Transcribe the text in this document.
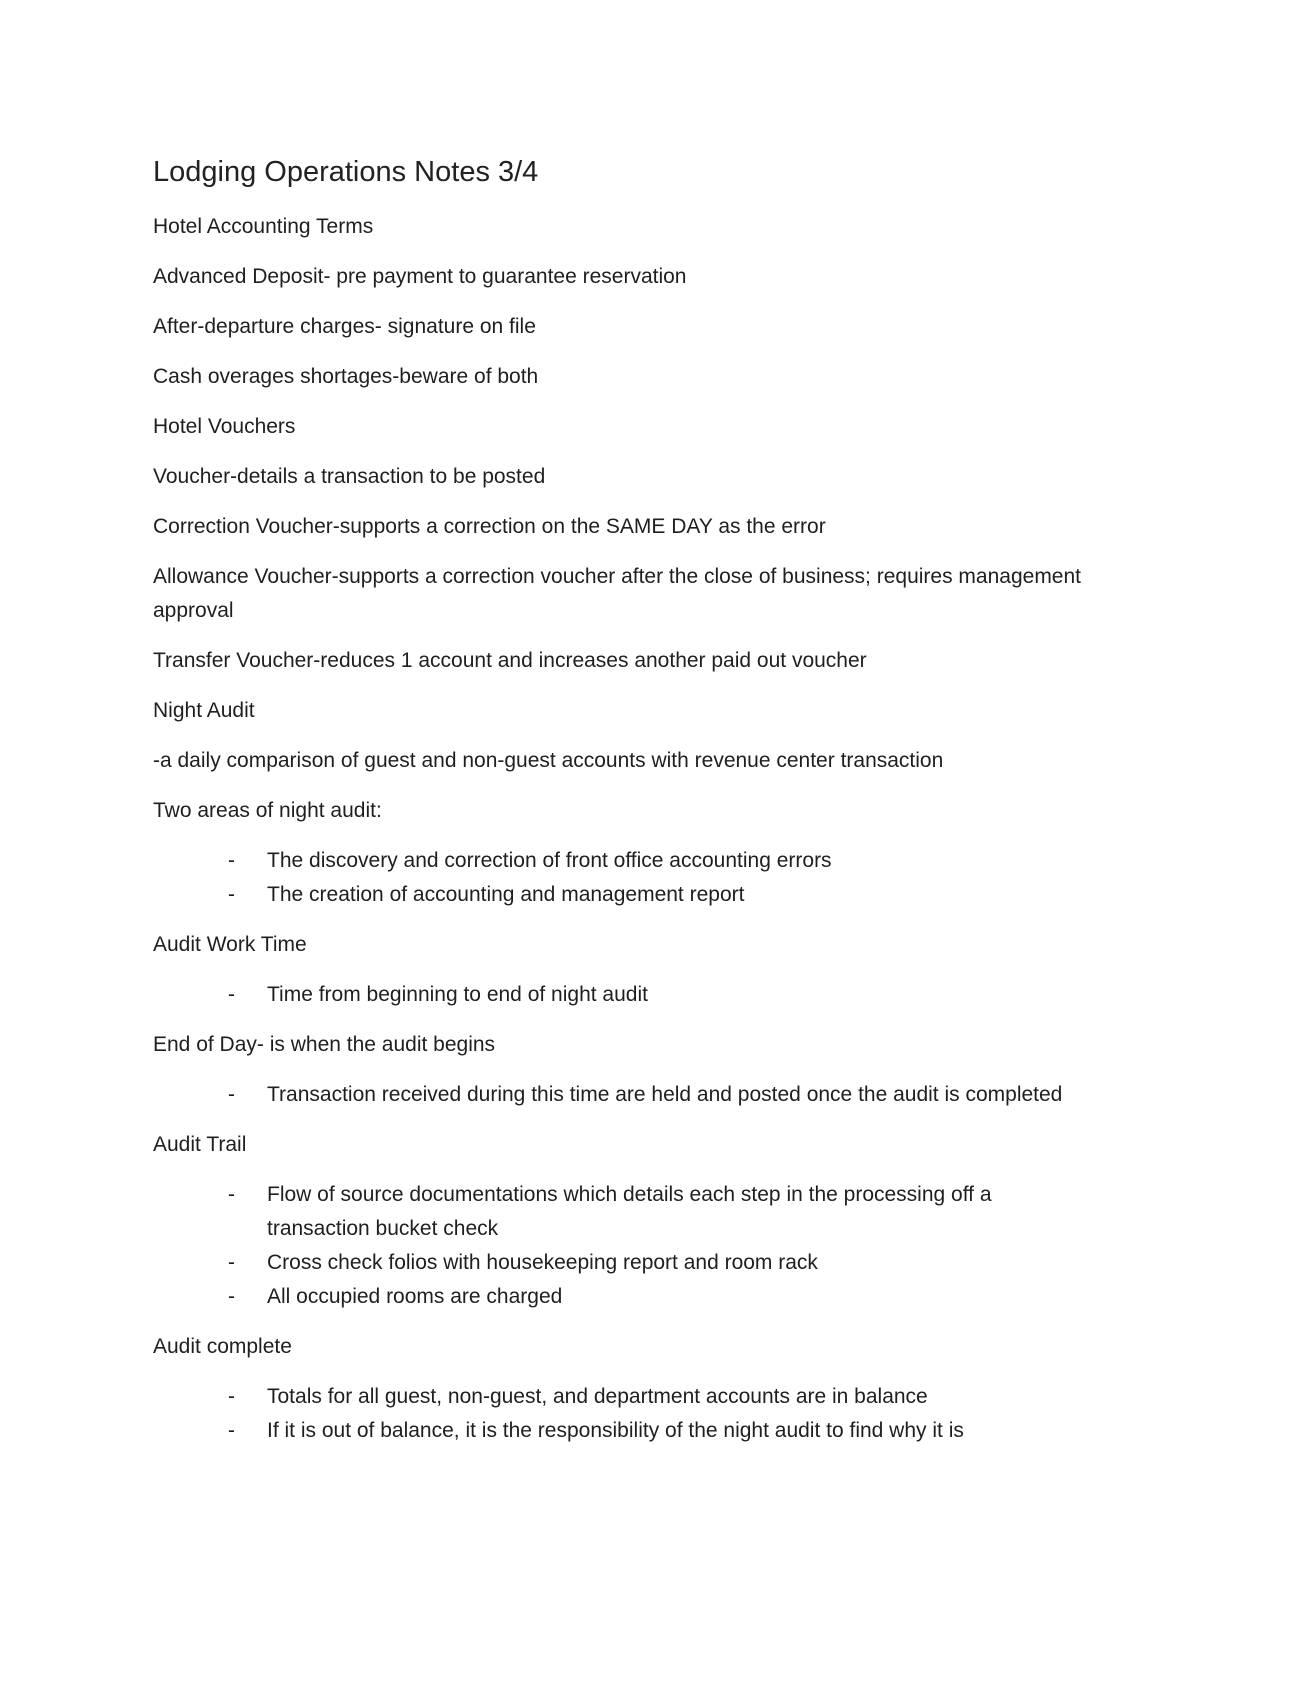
Lodging Operations Notes 3/4

Hotel Accounting Terms

Advanced Deposit- pre payment to guarantee reservation

After-departure charges- signature on file

Cash overages shortages-beware of both

Hotel Vouchers

Voucher-details a transaction to be posted

Correction Voucher-supports a correction on the SAME DAY as the error

Allowance Voucher-supports a correction voucher after the close of business; requires management approval

Transfer Voucher-reduces 1 account and increases another paid out voucher

Night Audit

-a daily comparison of guest and non-guest accounts with revenue center transaction

Two areas of night audit:

- The discovery and correction of front office accounting errors
- The creation of accounting and management report

Audit Work Time

- Time from beginning to end of night audit

End of Day- is when the audit begins

- Transaction received during this time are held and posted once the audit is completed

Audit Trail

- Flow of source documentations which details each step in the processing off a transaction bucket check
- Cross check folios with housekeeping report and room rack
- All occupied rooms are charged

Audit complete

- Totals for all guest, non-guest, and department accounts are in balance
- If it is out of balance, it is the responsibility of the night audit to find why it is
